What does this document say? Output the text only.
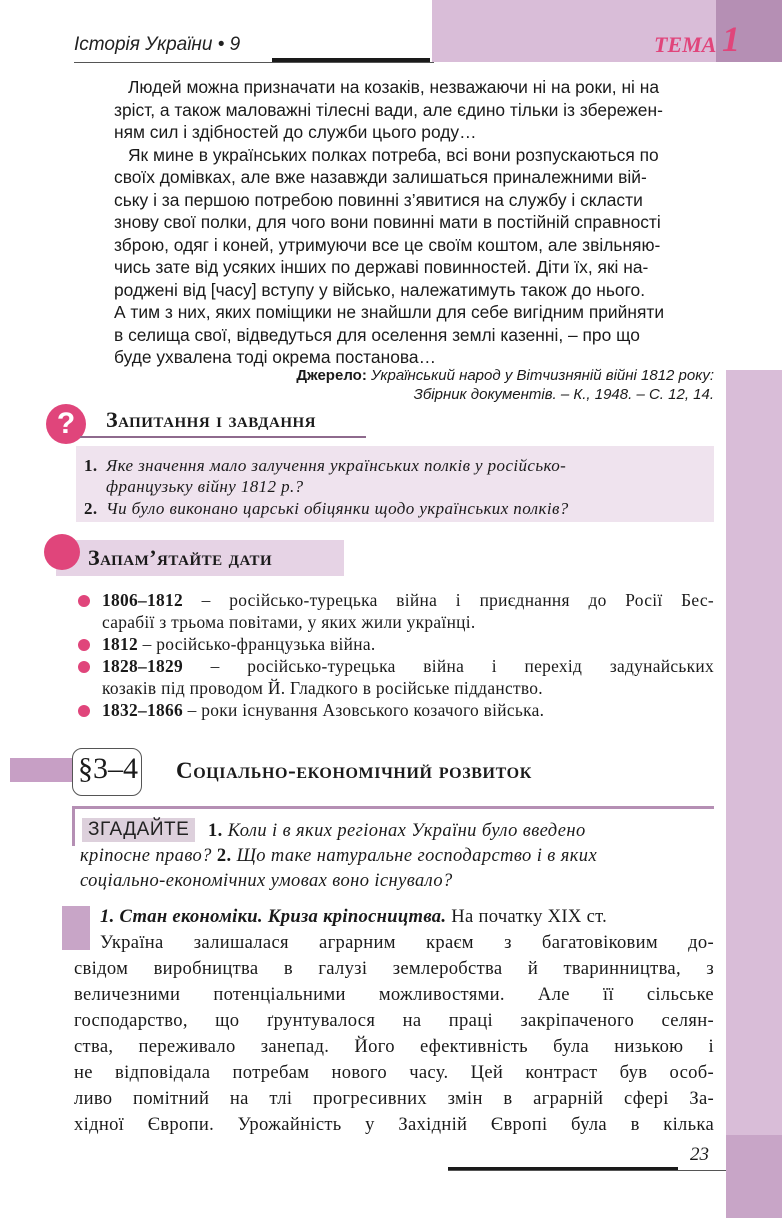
Історія України • 9	ТЕМА 1

Людей можна призначати на козаків, незважаючи ні на роки, ні на

зріст, а також маловажні тілесні вади, але єдино тільки із збережен-

ням сил і здібностей до служби цього роду…

Як мине в українських полках потреба, всі вони розпускаються по

своїх домівках, але вже назавжди залишаться приналежними вій-

ську і за першою потребою повинні з’явитися на службу і скласти

знову свої полки, для чого вони повинні мати в постійній справності

зброю, одяг і коней, утримуючи все це своїм коштом, але звільняю-

чись зате від усяких інших по державі повинностей. Діти їх, які на-

роджені від [часу] вступу у військо, належатимуть також до нього.

А тим з них, яких поміщики не знайшли для себе вигідним прийняти

в селища свої, відведуться для оселення землі казенні, – про що

буде ухвалена тоді окрема постанова…

Джерело: Український народ у Вітчизняній війні 1812 року:
Збірник документів. – К., 1948. – С. 12, 14.
?	Запитання і завдання
1. Яке значення мало залучення українських полків у російсько-
французьку війну 1812 р.?
2. Чи було виконано царські обіцянки щодо українських полків?
Запам’ятайте дати
1806–1812 – російсько-турецька війна і приєднання до Росії Бес-
сарабії з трьома повітами, у яких жили українці.
1812 – російсько-французька війна.
1828–1829 – російсько-турецька війна і перехід задунайських
козаків під проводом Й. Гладкого в російське підданство.
1832–1866 – роки існування Азовського козачого війська.
§3–4 Соціально-економічний розвиток
ЗГАДАЙТЕ	1. Коли і в яких регіонах України було введено
кріпосне право? 2. Що таке натуральне господарство і в яких
соціально-економічних умовах воно існувало?
1. Стан економіки. Криза кріпосництва. На початку XIX ст.
Україна залишалася аграрним краєм з багатовіковим до-
свідом виробництва в галузі землеробства й тваринництва, з
величезними потенціальними можливостями. Але її сільське
господарство, що ґрунтувалося на праці закріпаченого селян-
ства, переживало занепад. Його ефективність була низькою і
не відповідала потребам нового часу. Цей контраст був особ-
ливо помітний на тлі прогресивних змін в аграрній сфері За-
хідної Європи. Урожайність у Західній Європі була в кілька
23
